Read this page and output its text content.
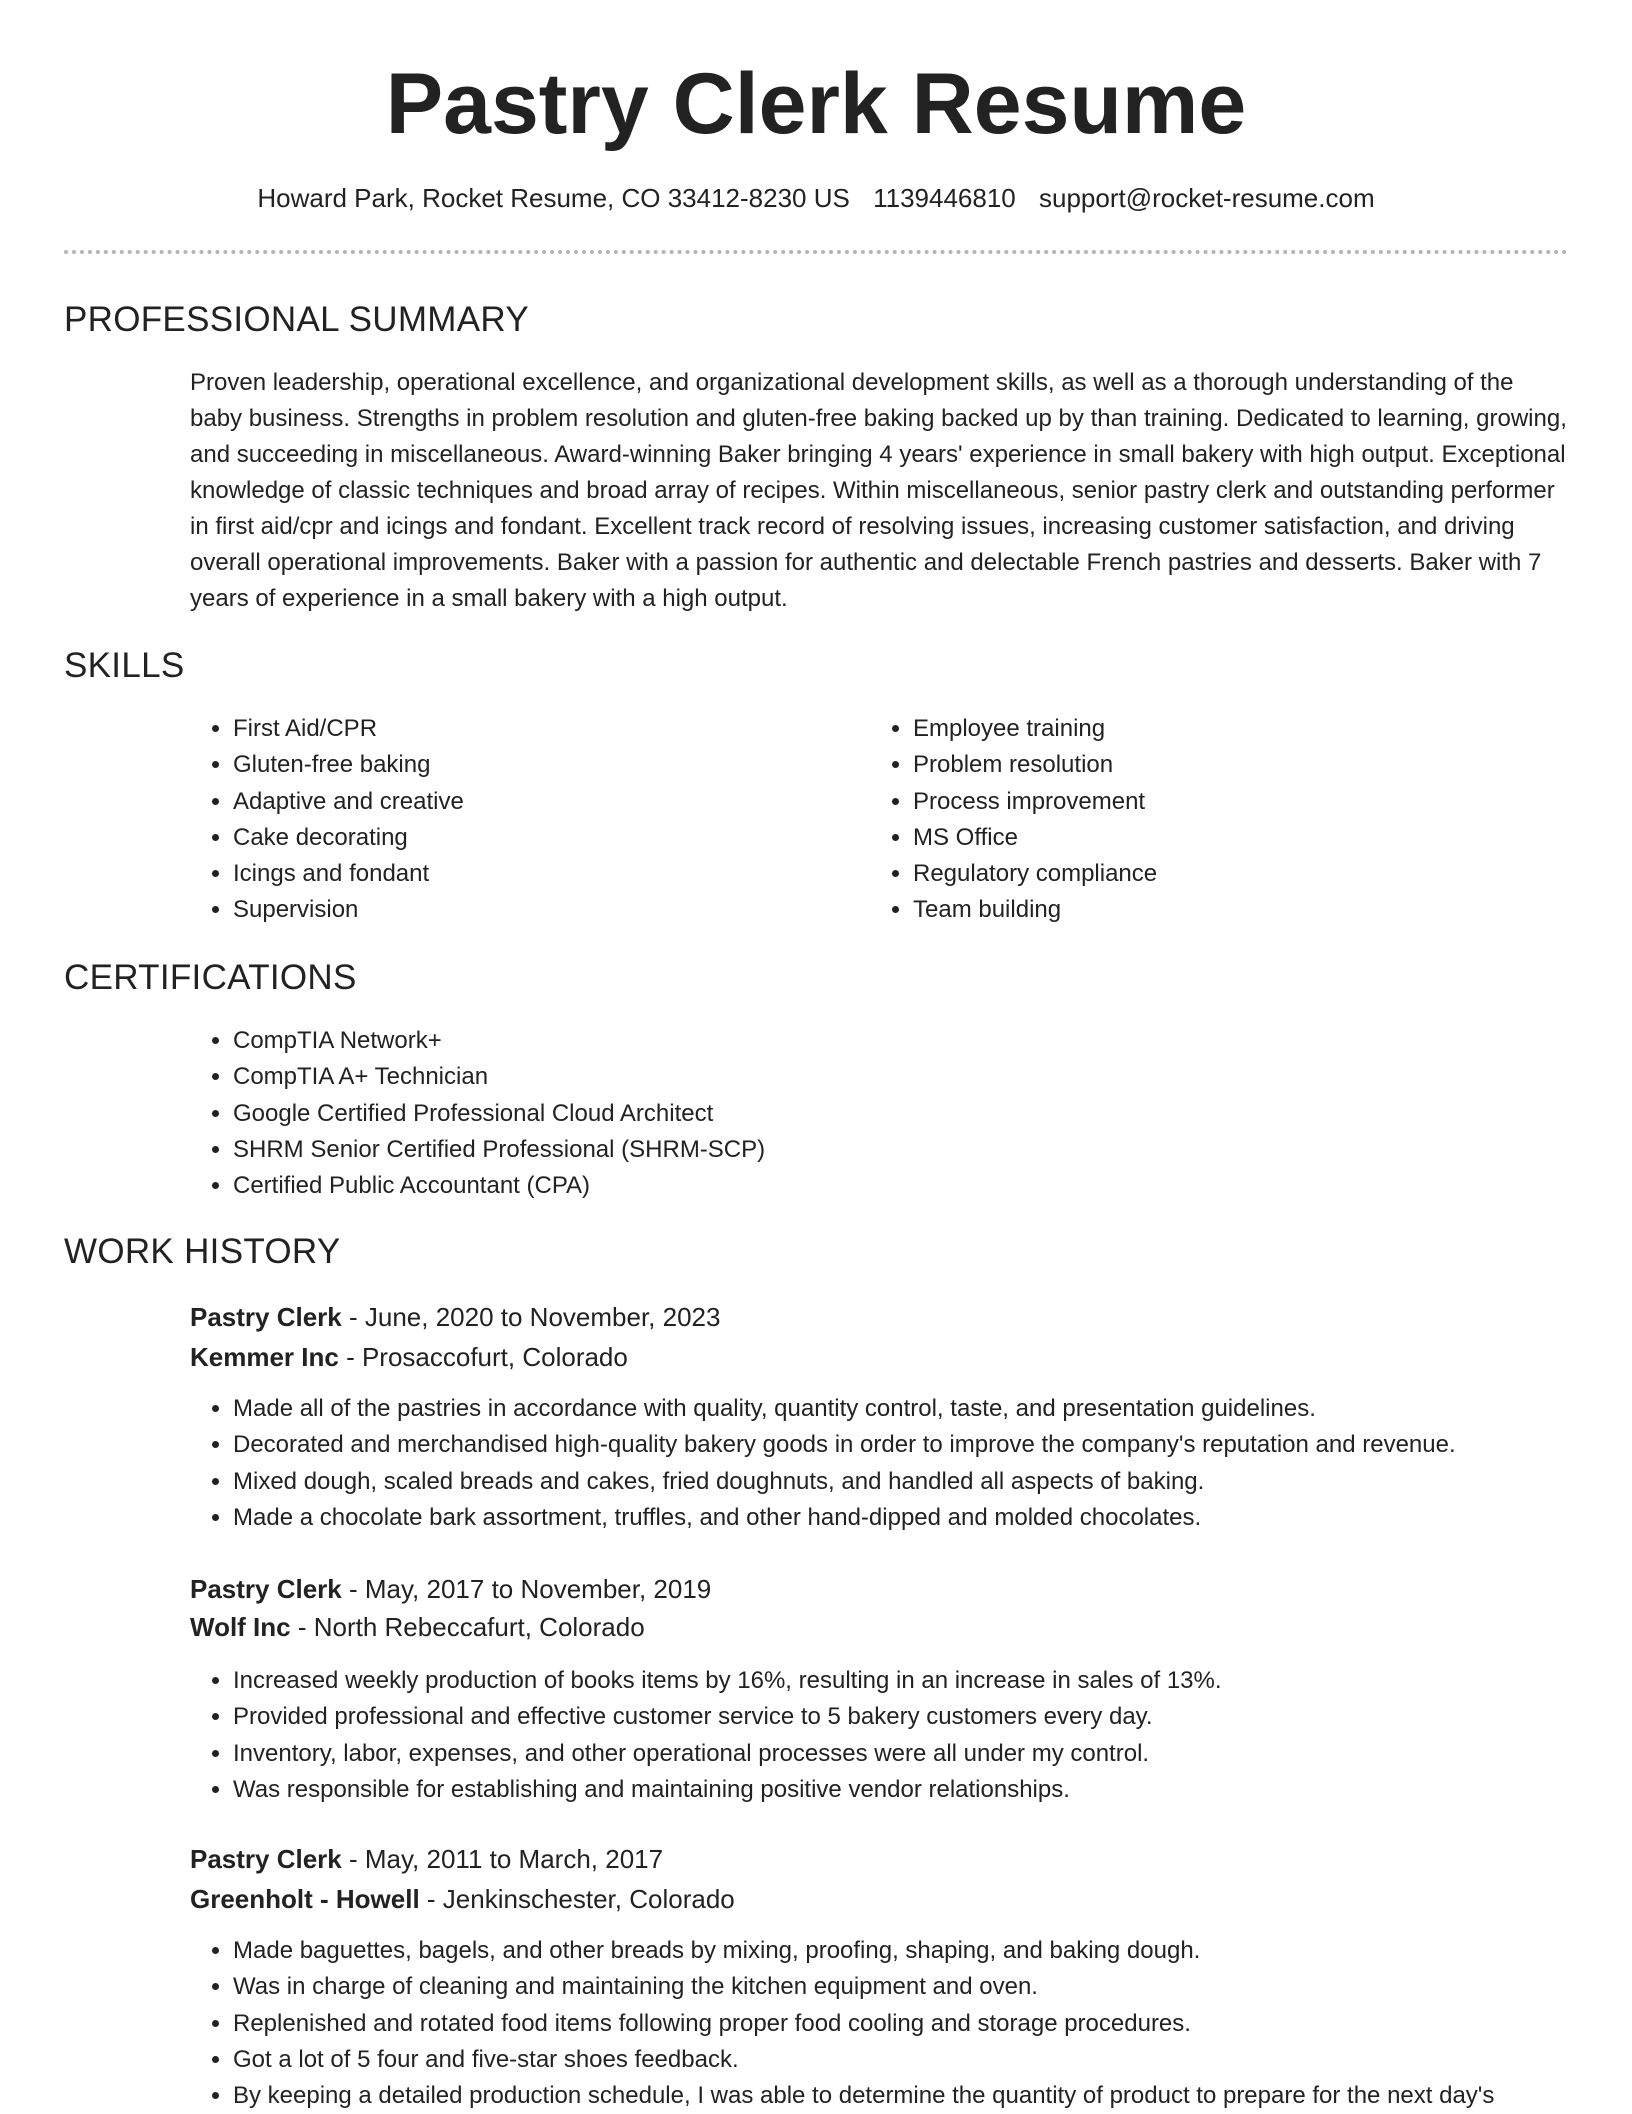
Pastry Clerk Resume
Howard Park, Rocket Resume, CO 33412-8230 US 1139446810 support@rocket-resume.com
PROFESSIONAL SUMMARY

Proven leadership, operational excellence, and organizational development skills, as well as a thorough understanding of the baby business. Strengths in problem resolution and gluten-free baking backed up by than training. Dedicated to learning, growing, and succeeding in miscellaneous. Award-winning Baker bringing 4 years' experience in small bakery with high output. Exceptional knowledge of classic techniques and broad array of recipes. Within miscellaneous, senior pastry clerk and outstanding performer in first aid/cpr and icings and fondant. Excellent track record of resolving issues, increasing customer satisfaction, and driving overall operational improvements. Baker with a passion for authentic and delectable French pastries and desserts. Baker with 7 years of experience in a small bakery with a high output.

SKILLS
• First Aid/CPR
• Gluten-free baking
• Adaptive and creative
• Cake decorating
• Icings and fondant
• Supervision
• Employee training
• Problem resolution
• Process improvement
• MS Office
• Regulatory compliance
• Team building
CERTIFICATIONS
• CompTIA Network+
• CompTIA A+ Technician
• Google Certified Professional Cloud Architect
• SHRM Senior Certified Professional (SHRM-SCP)
• Certified Public Accountant (CPA)
WORK HISTORY
Pastry Clerk - June, 2020 to November, 2023
Kemmer Inc - Prosaccofurt, Colorado
• Made all of the pastries in accordance with quality, quantity control, taste, and presentation guidelines.
• Decorated and merchandised high-quality bakery goods in order to improve the company's reputation and revenue.
• Mixed dough, scaled breads and cakes, fried doughnuts, and handled all aspects of baking.
• Made a chocolate bark assortment, truffles, and other hand-dipped and molded chocolates.
Pastry Clerk - May, 2017 to November, 2019
Wolf Inc - North Rebeccafurt, Colorado
• Increased weekly production of books items by 16%, resulting in an increase in sales of 13%.
• Provided professional and effective customer service to 5 bakery customers every day.
• Inventory, labor, expenses, and other operational processes were all under my control.
• Was responsible for establishing and maintaining positive vendor relationships.
Pastry Clerk - May, 2011 to March, 2017
Greenholt - Howell - Jenkinschester, Colorado
• Made baguettes, bagels, and other breads by mixing, proofing, shaping, and baking dough.
• Was in charge of cleaning and maintaining the kitchen equipment and oven.
• Replenished and rotated food items following proper food cooling and storage procedures.
• Got a lot of 5 four and five-star shoes feedback.
• By keeping a detailed production schedule, I was able to determine the quantity of product to prepare for the next day's
